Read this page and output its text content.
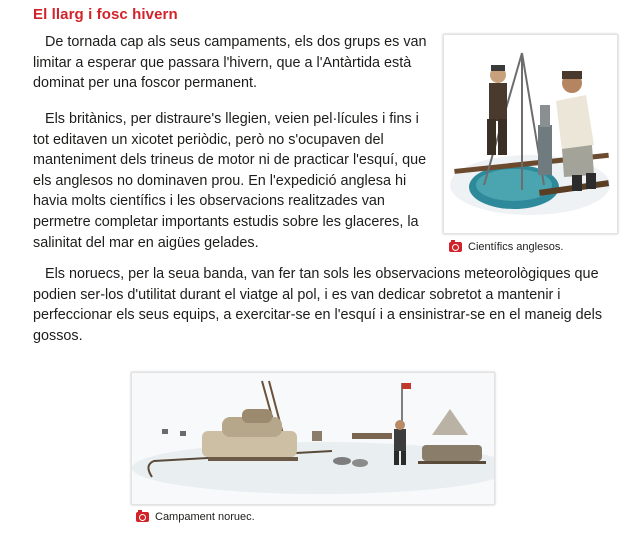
El llarg i fosc hivern

De tornada cap als seus campaments, els dos grups es van limitar a esperar que passara l'hivern, que a l'Antàrtida està dominat per una foscor permanent.

Els britànics, per distraure's llegien, veien pel·lícules i fins i tot editaven un xicotet periòdic, però no s'ocupaven del manteniment dels trineus de motor ni de practicar l'esquí, que els anglesos no dominaven prou. En l'expedició anglesa hi havia molts científics i les observacions realitzades van permetre completar importants estudis sobre les glaceres, la salinitat del mar en aigües gelades.

Els noruecs, per la seua banda, van fer tan sols les observacions meteorològiques que podien ser-los d'utilitat durant el viatge al pol, i es van dedicar sobretot a mantenir i perfeccionar els seus equips, a exercitar-se en l'esquí i a ensinistrar-se en el maneig dels gossos.

Científics anglesos.
Campament noruec.
